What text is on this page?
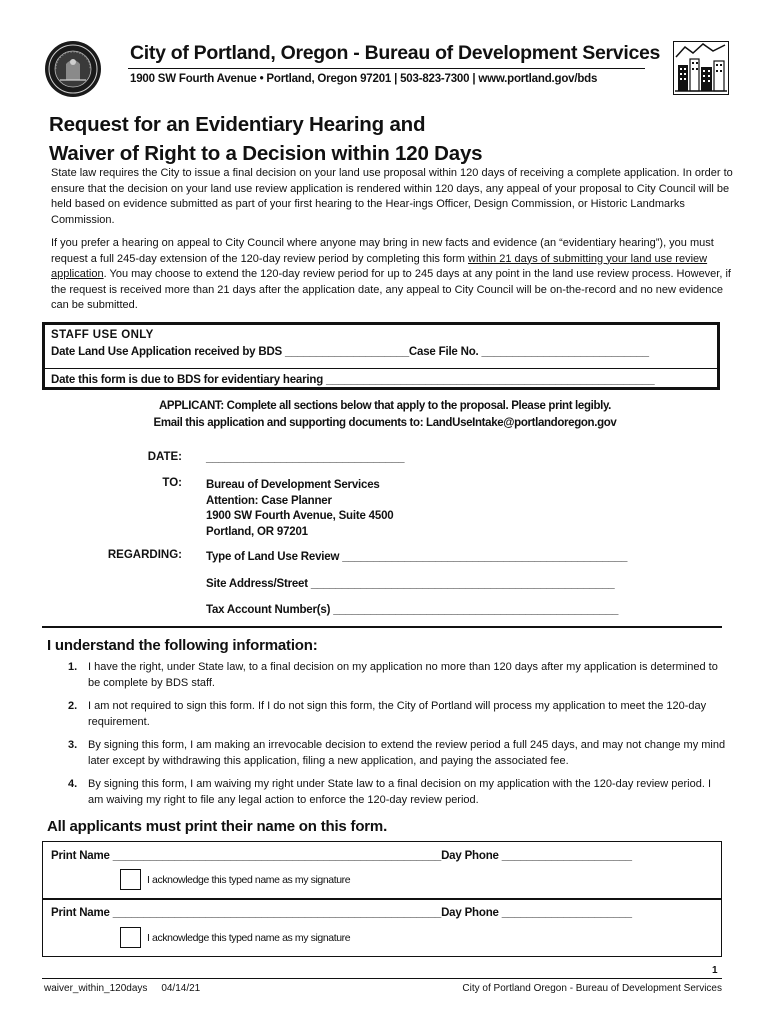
City of Portland, Oregon - Bureau of Development Services
1900 SW Fourth Avenue • Portland, Oregon 97201 | 503-823-7300 | www.portland.gov/bds
Request for an Evidentiary Hearing and
Waiver of Right to a Decision within 120 Days
State law requires the City to issue a final decision on your land use proposal within 120 days of receiving a complete application. In order to ensure that the decision on your land use review application is rendered within 120 days, any appeal of your proposal to City Council will be held based on evidence submitted as part of your first hearing to the Hear-ings Officer, Design Commission, or Historic Landmarks Commission.
If you prefer a hearing on appeal to City Council where anyone may bring in new facts and evidence (an “evidentiary hearing”), you must request a full 245-day extension of the 120-day review period by completing this form within 21 days of submitting your land use review application. You may choose to extend the 120-day review period for up to 245 days at any point in the land use review process. However, if the request is received more than 21 days after the application date, any appeal to City Council will be on-the-record and no new evidence can be submitted.
STAFF USE ONLY
Date Land Use Application received by BDS ____________________Case File No. ___________________________
Date this form is due to BDS for evidentiary hearing _____________________________________________________
APPLICANT: Complete all sections below that apply to the proposal. Please print legibly.
Email this application and supporting documents to: LandUseIntake@portlandoregon.gov
DATE: ________________________________
TO: Bureau of Development Services
Attention: Case Planner
1900 SW Fourth Avenue, Suite 4500
Portland, OR 97201
REGARDING: Type of Land Use Review ______________________________________________
Site Address/Street _________________________________________________
Tax Account Number(s) ______________________________________________
I understand the following information:
1. I have the right, under State law, to a final decision on my application no more than 120 days after my application is determined to be complete by BDS staff.
2. I am not required to sign this form. If I do not sign this form, the City of Portland will process my application to meet the 120-day requirement.
3. By signing this form, I am making an irrevocable decision to extend the review period a full 245 days, and may not change my mind later except by withdrawing this application, filing a new application, and paying the associated fee.
4. By signing this form, I am waiving my right under State law to a final decision on my application with the 120-day review period. I am waiving my right to file any legal action to enforce the 120-day review period.
All applicants must print their name on this form.
Print Name _____________________________________________________Day Phone _____________________
I acknowledge this typed name as my signature
Print Name _____________________________________________________Day Phone _____________________
I acknowledge this typed name as my signature
1
waiver_within_120days 04/14/21	City of Portland Oregon - Bureau of Development Services
